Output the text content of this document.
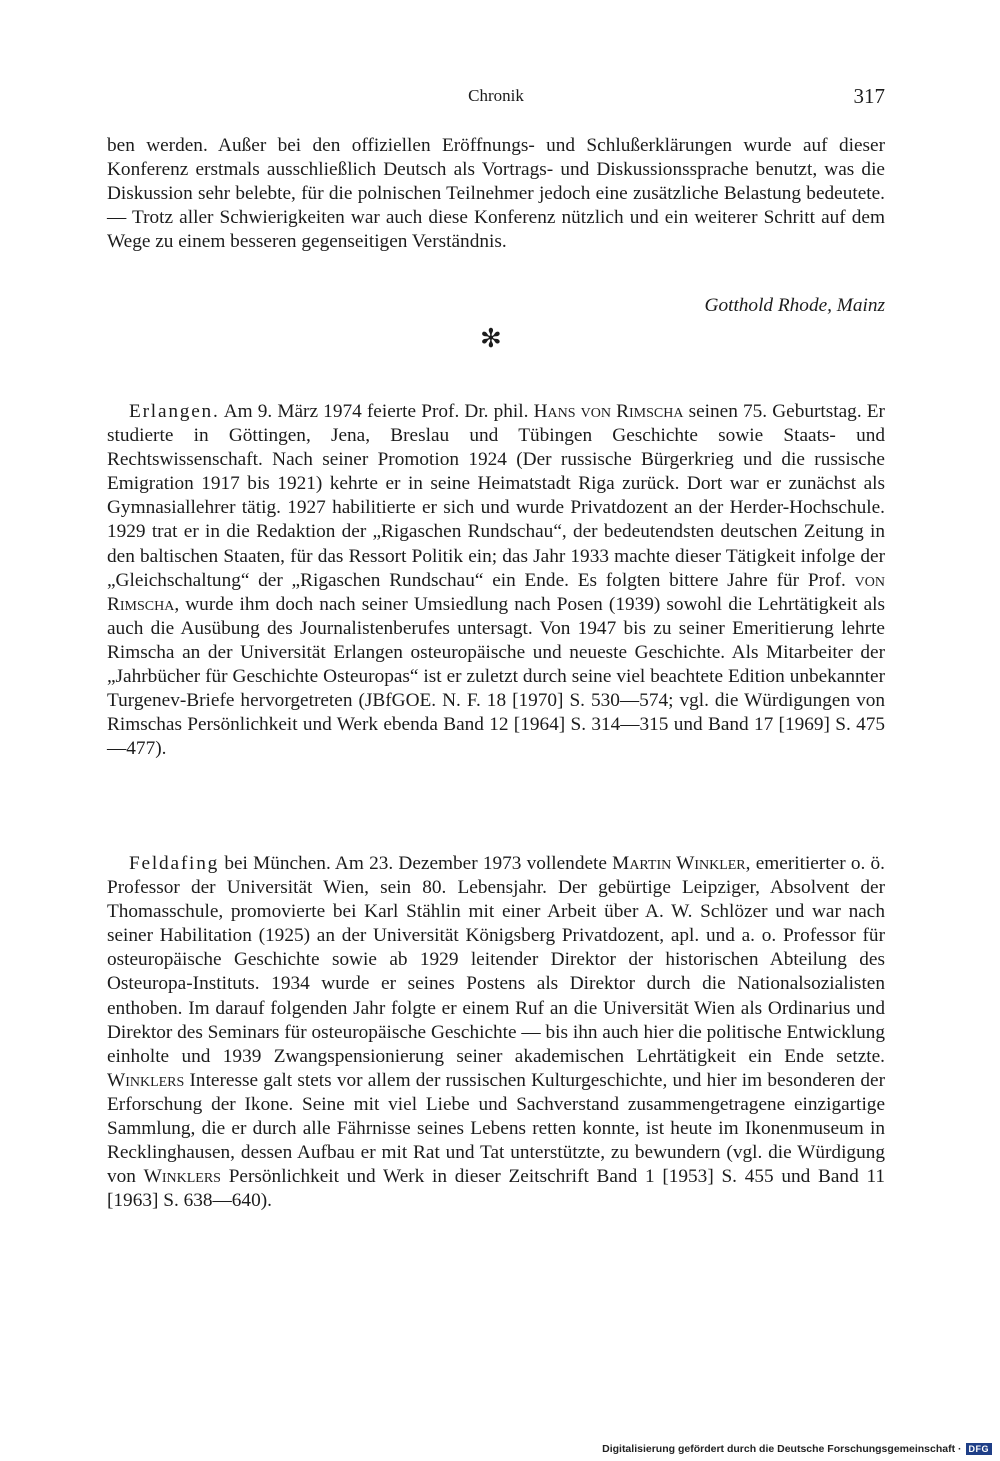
Chronik	317

ben werden. Außer bei den offiziellen Eröffnungs- und Schlußerklärungen wurde auf dieser Konferenz erstmals ausschließlich Deutsch als Vortrags- und Diskussionssprache benutzt, was die Diskussion sehr belebte, für die polnischen Teilnehmer jedoch eine zusätzliche Belastung bedeutete.— Trotz aller Schwierigkeiten war auch diese Konferenz nützlich und ein weiterer Schritt auf dem Wege zu einem besseren gegenseitigen Verständnis.

Gotthold Rhode, Mainz
✻

Erlangen. Am 9. März 1974 feierte Prof. Dr. phil. Hans von Rimscha seinen 75. Geburtstag. Er studierte in Göttingen, Jena, Breslau und Tübingen Geschichte sowie Staats- und Rechtswissenschaft. Nach seiner Promotion 1924 (Der russische Bürgerkrieg und die russische Emigration 1917 bis 1921) kehrte er in seine Heimatstadt Riga zurück. Dort war er zunächst als Gymnasiallehrer tätig. 1927 habilitierte er sich und wurde Privatdozent an der Herder-Hochschule. 1929 trat er in die Redaktion der „Rigaschen Rundschau“, der bedeutendsten deutschen Zeitung in den baltischen Staaten, für das Ressort Politik ein; das Jahr 1933 machte dieser Tätigkeit infolge der „Gleichschaltung“ der „Rigaschen Rundschau“ ein Ende. Es folgten bittere Jahre für Prof. von Rimscha, wurde ihm doch nach seiner Umsiedlung nach Posen (1939) sowohl die Lehrtätigkeit als auch die Ausübung des Journalistenberufes untersagt. Von 1947 bis zu seiner Emeritierung lehrte Rimscha an der Universität Erlangen osteuropäische und neueste Geschichte. Als Mitarbeiter der „Jahrbücher für Geschichte Osteuropas“ ist er zuletzt durch seine viel beachtete Edition unbekannter Turgenev-Briefe hervorgetreten (JBfGOE. N. F. 18 [1970] S. 530—574; vgl. die Würdigungen von Rimschas Persönlichkeit und Werk ebenda Band 12 [1964] S. 314—315 und Band 17 [1969] S. 475—477).

Feldafing bei München. Am 23. Dezember 1973 vollendete Martin Winkler, emeritierter o. ö. Professor der Universität Wien, sein 80. Lebensjahr. Der gebürtige Leipziger, Absolvent der Thomasschule, promovierte bei Karl Stählin mit einer Arbeit über A. W. Schlözer und war nach seiner Habilitation (1925) an der Universität Königsberg Privatdozent, apl. und a. o. Professor für osteuropäische Geschichte sowie ab 1929 leitender Direktor der historischen Abteilung des Osteuropa-Instituts. 1934 wurde er seines Postens als Direktor durch die Nationalsozialisten enthoben. Im darauf folgenden Jahr folgte er einem Ruf an die Universität Wien als Ordinarius und Direktor des Seminars für osteuropäische Geschichte — bis ihn auch hier die politische Entwicklung einholte und 1939 Zwangspensionierung seiner akademischen Lehrtätigkeit ein Ende setzte. Winklers Interesse galt stets vor allem der russischen Kulturgeschichte, und hier im besonderen der Erforschung der Ikone. Seine mit viel Liebe und Sachverstand zusammengetragene einzigartige Sammlung, die er durch alle Fährnisse seines Lebens retten konnte, ist heute im Ikonenmuseum in Recklinghausen, dessen Aufbau er mit Rat und Tat unterstützte, zu bewundern (vgl. die Würdigung von Winklers Persönlichkeit und Werk in dieser Zeitschrift Band 1 [1953] S. 455 und Band 11 [1963] S. 638—640).

Digitalisierung gefördert durch die Deutsche Forschungsgemeinschaft · DFG
